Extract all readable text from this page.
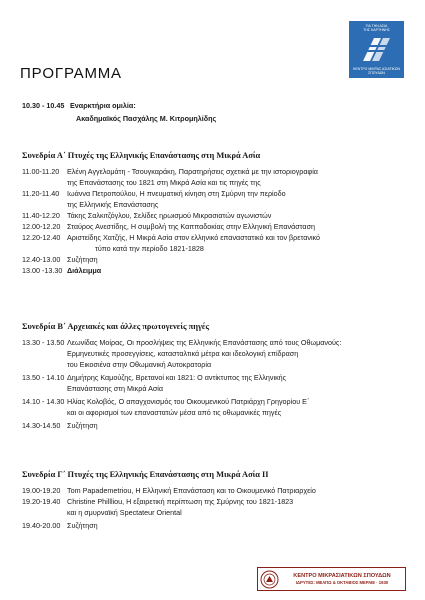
ΓΙΑ ΤΗΝ ΑΣΙΑ
ΤΗΣ ΚΑΡΤΗΝΗΣ
ΚΕΝΤΡΟ ΜΙΚΡΑΣ ΑΣΙΑΤΙΚΩΝ
ΣΠΟΥΔΩΝ
ΠΡΟΓΡΑΜΜΑ
10.30 - 10.45 Εναρκτήρια ομιλία:
Ακαδημαϊκός Πασχάλης Μ. Κιτρομηλίδης
Συνεδρία Α΄ Πτυχές της Ελληνικής Επανάστασης στη Μικρά Ασία
11.00-11.20	Ελένη Αγγελομάτη - Τσουγκαράκη, Παρατηρήσεις σχετικά με την ιστοριογραφία
της Επανάστασης του 1821 στη Μικρά Ασία και τις πηγές της
11.20-11.40	Ιωάννα Πετροπούλου, Η πνευματική κίνηση στη Σμύρνη την περίοδο
της Ελληνικής Επανάστασης
11.40-12.20 Τάκης Σαλκιτζόγλου, Σελίδες ηρωισμού Μικρασιατών αγωνιστών
12.00-12.20 Σταύρος Ανεστίδης, Η συμβολή της Καππαδοκίας στην Ελληνική Επανάσταση
12.20-12.40 Αριστείδης Χατζής, Η Μικρά Ασία στον ελληνικό επαναστατικό και τον βρετανικό
τύπο κατά την περίοδο 1821-1828
12.40-13.00 Συζήτηση
13.00 -13.30 Διάλειμμα
Συνεδρία Β΄ Αρχειακές και άλλες πρωτογενείς πηγές
13.30 - 13.50 Λεωνίδας Μοίρας, Οι προσλήψεις της Ελληνικής Επανάστασης από τους Οθωμανούς:
Ερμηνευτικές προσεγγίσεις, κατασταλτικά μέτρα και ιδεολογική επίδραση
του Εικοσιένα στην Οθωμανική Αυτοκρατορία
13.50 - 14.10 Δημήτρης Καμούζης, Βρετανοί και 1821: Ο αντίκτυπος της Ελληνικής
Επανάστασης στη Μικρά Ασία
14.10 - 14.30 Ηλίας Κολοβός, Ο απαγχονισμός του Οικουμενικού Πατριάρχη Γρηγορίου Ε΄
και οι αφορισμοί των επαναστατών μέσα από τις οθωμανικές πηγές
14.30-14.50 Συζήτηση
Συνεδρία Γ΄ Πτυχές της Ελληνικής Επανάστασης στη Μικρά Ασία ΙΙ
19.00-19.20 Tom Papademetriou, Η Ελληνική Επανάσταση και το Οικουμενικό Πατριαρχείο
19.20-19.40 Christine Phillliou, Η εξαιρετική περίπτωση της Σμύρνης του 1821-1823
και η σμυρναϊκή Spectateur Oriental
19.40-20.00 Συζήτηση
ΚΕΝΤΡΟ ΜΙΚΡΑΣΙΑΤΙΚΩΝ ΣΠΟΥΔΩΝ
ΙΔΡΥΤΕΣ: ΜΕΛΠΩ & ΟΚΤΑΒΙΟΣ ΜΕΡΛΙΕ · 1930
